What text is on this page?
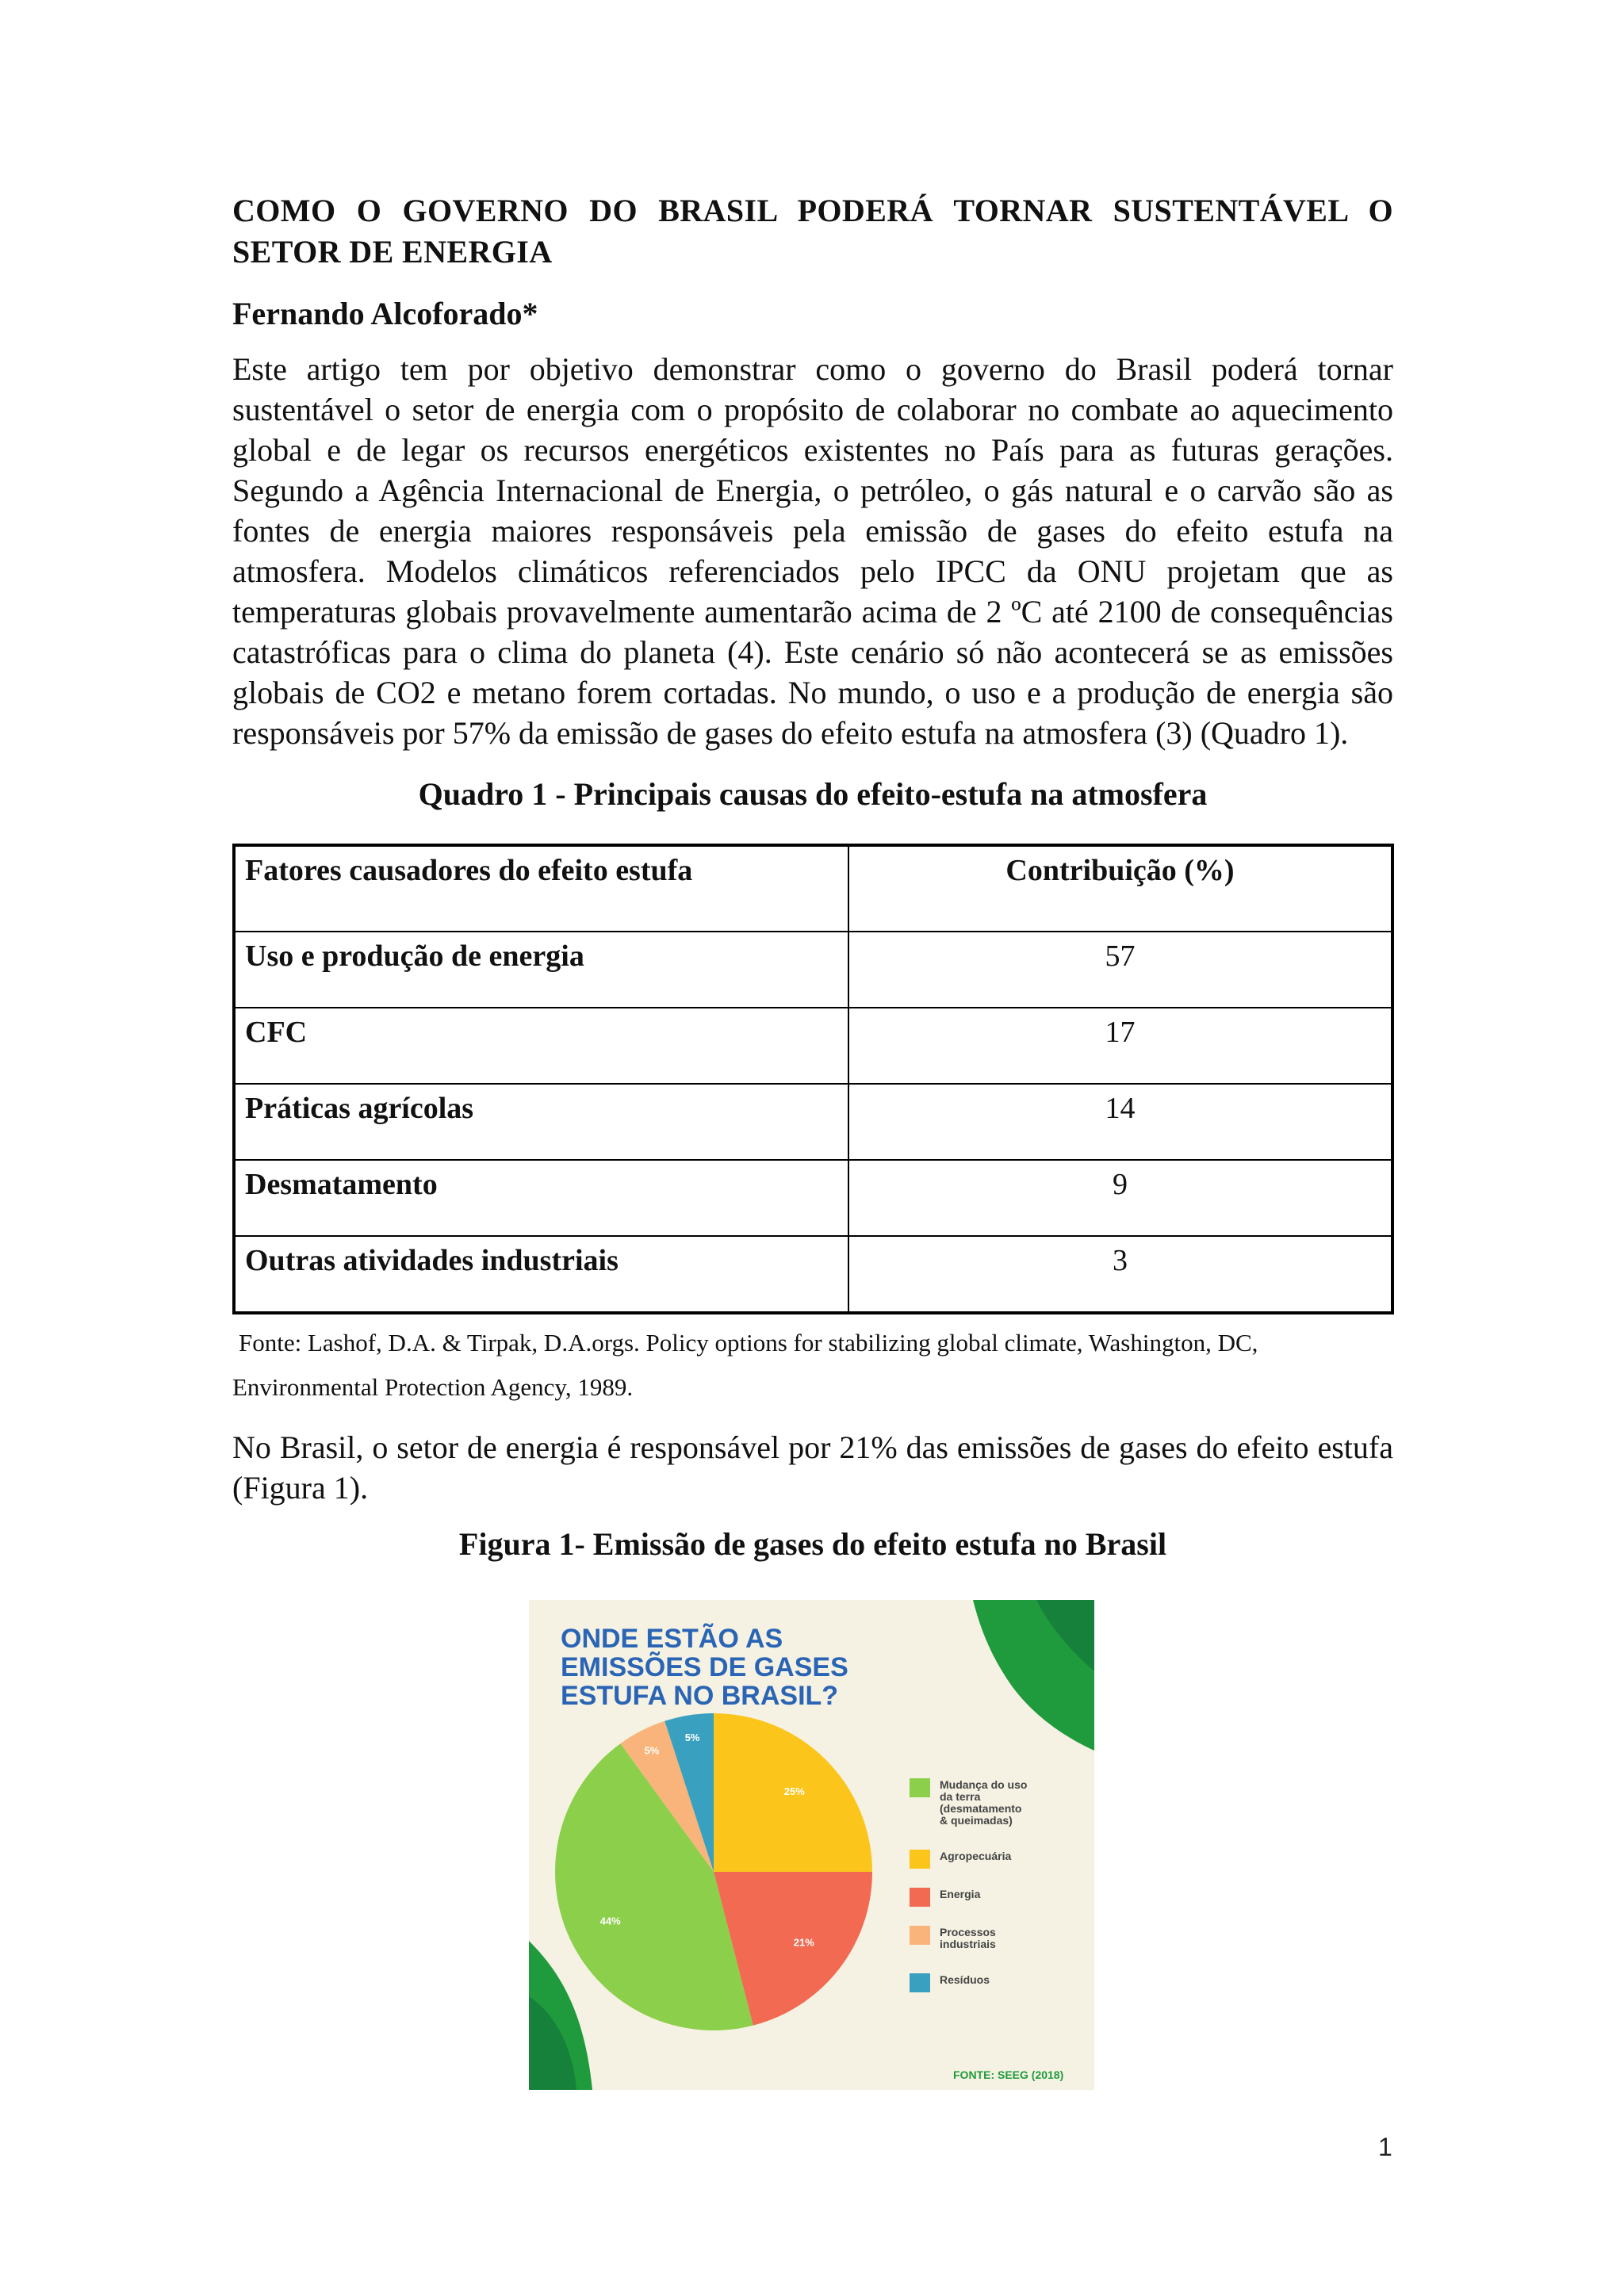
COMO O GOVERNO DO BRASIL PODERÁ TORNAR SUSTENTÁVEL O SETOR DE ENERGIA

Fernando Alcoforado*

Este artigo tem por objetivo demonstrar como o governo do Brasil poderá tornar sustentável o setor de energia com o propósito de colaborar no combate ao aquecimento global e de legar os recursos energéticos existentes no País para as futuras gerações. Segundo a Agência Internacional de Energia, o petróleo, o gás natural e o carvão são as fontes de energia maiores responsáveis pela emissão de gases do efeito estufa na atmosfera. Modelos climáticos referenciados pelo IPCC da ONU projetam que as temperaturas globais provavelmente aumentarão acima de 2 ºC até 2100 de consequências catastróficas para o clima do planeta (4). Este cenário só não acontecerá se as emissões globais de CO2 e metano forem cortadas. No mundo, o uso e a produção de energia são responsáveis por 57% da emissão de gases do efeito estufa na atmosfera (3) (Quadro 1).

Quadro 1 - Principais causas do efeito-estufa na atmosfera

Fatores causadores do efeito estufa	Contribuição (%)
Uso e produção de energia	57
CFC	17
Práticas agrícolas	14
Desmatamento	9
Outras atividades industriais	3

Fonte: Lashof, D.A. & Tirpak, D.A.orgs. Policy options for stabilizing global climate, Washington, DC,
Environmental Protection Agency, 1989.

No Brasil, o setor de energia é responsável por 21% das emissões de gases do efeito estufa (Figura 1).

Figura 1- Emissão de gases do efeito estufa no Brasil

ONDE ESTÃO AS
EMISSÕES DE GASES
ESTUFA NO BRASIL?
25%
21%
44%
5%
5%
Mudança do uso
da terra
(desmatamento
& queimadas)
Agropecuária
Energia
Processos
industriais
Resíduos
FONTE: SEEG (2018)
1
